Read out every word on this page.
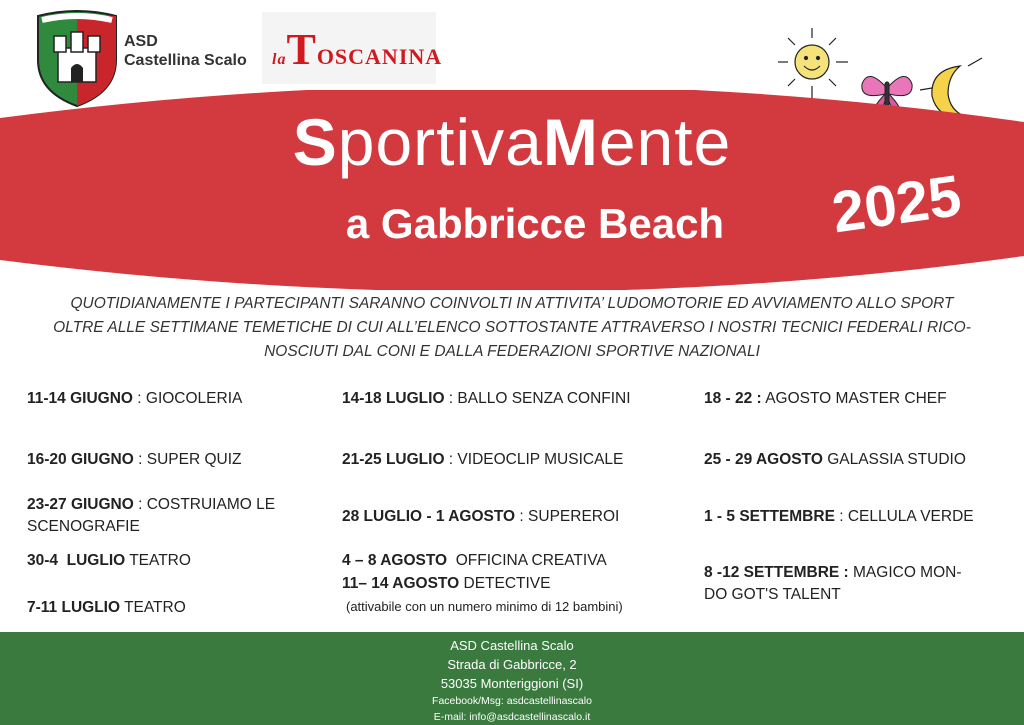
ASD
Castellina Scalo laTOSCANINA
SportivaMente
a Gabbricce Beach	2025
QUOTIDIANAMENTE I PARTECIPANTI SARANNO COINVOLTI IN ATTIVITA’ LUDOMOTORIE ED AVVIAMENTO ALLO SPORT
OLTRE ALLE SETTIMANE TEMETICHE DI CUI ALL’ELENCO SOTTOSTANTE ATTRAVERSO I NOSTRI TECNICI FEDERALI RICO-
NOSCIUTI DAL CONI E DALLA FEDERAZIONI SPORTIVE NAZIONALI
11-14 GIUGNO : GIOCOLERIA
16-20 GIUGNO : SUPER QUIZ
23-27 GIUGNO : COSTRUIAMO LE
SCENOGRAFIE
30-4  LUGLIO TEATRO
7-11 LUGLIO TEATRO
14-18 LUGLIO : BALLO SENZA CONFINI
21-25 LUGLIO : VIDEOCLIP MUSICALE
28 LUGLIO - 1 AGOSTO : SUPEREROI
4 – 8 AGOSTO OFFICINA CREATIVA
11– 14 AGOSTO DETECTIVE
(attivabile con un numero minimo di 12 bambini)
18 - 22 : AGOSTO MASTER CHEF
25 - 29 AGOSTO GALASSIA STUDIO
1 - 5 SETTEMBRE : CELLULA VERDE
8 -12 SETTEMBRE : MAGICO MON-
DO GOT'S TALENT
ASD Castellina Scalo
Strada di Gabbricce, 2
53035 Monteriggioni (SI)
Facebook/Msg: asdcastellinascalo
E-mail: info@asdcastellinascalo.it
